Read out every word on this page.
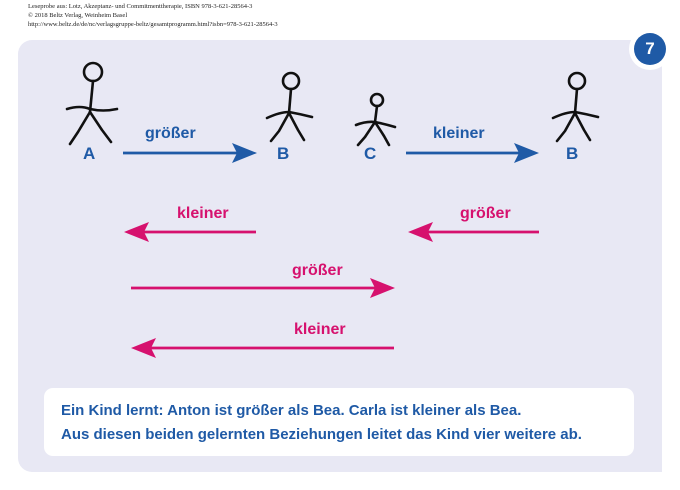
Leseprobe aus: Lotz, Akzeptanz- und Commitmenttherapie, ISBN 978-3-621-28564-3
© 2018 Beltz Verlag, Weinheim Basel
http://www.beltz.de/de/nc/verlagsgruppe-beltz/gesamtprogramm.html?isbn=978-3-621-28564-3
7
A	B	C	B
größer	kleiner
kleiner	größer
größer
kleiner

Ein Kind lernt: Anton ist größer als Bea. Carla ist kleiner als Bea.

Aus diesen beiden gelernten Beziehungen leitet das Kind vier weitere ab.
